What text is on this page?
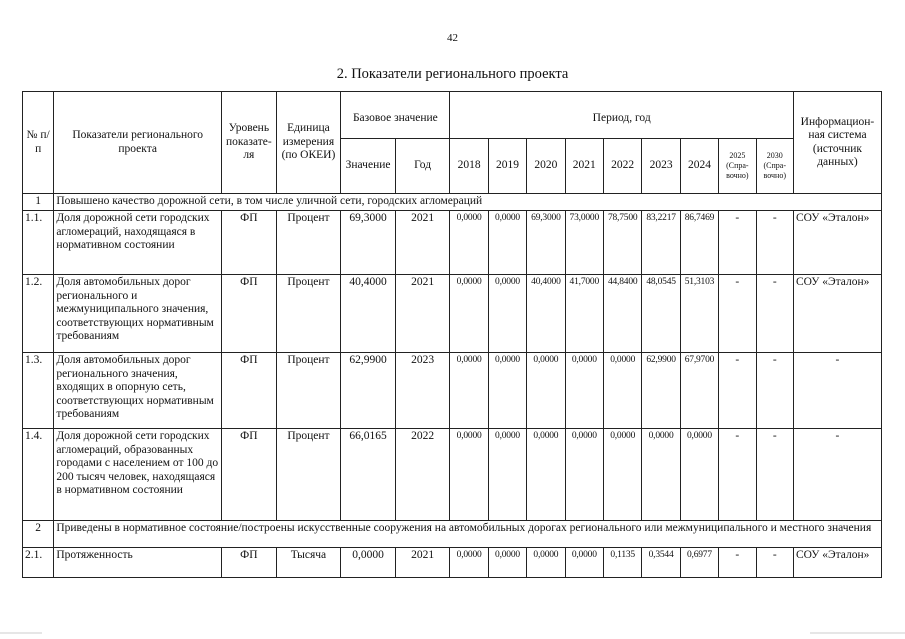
42
2. Показатели регионального проекта
№ п/п	Показатели регионального проекта	Уровень показате-ля	Единица измерения (по ОКЕИ)	Базовое значение		Период, год									Информацион-ная система (источник данных)
				Значение	Год	2018	2019	2020	2021	2022	2023	2024	2025 (Спра-вочно)	2030 (Спра-вочно)	
1	Повышено качество дорожной сети, в том числе уличной сети, городских агломераций														
1.1.	Доля дорожной сети городских агломераций, находящаяся в нормативном состоянии	ФП	Процент	69,3000	2021	0,0000	0,0000	69,3000	73,0000	78,7500	83,2217	86,7469	-	-	СОУ «Эталон»
1.2.	Доля автомобильных дорог регионального и межмуниципального значения, соответствующих нормативным требованиям	ФП	Процент	40,4000	2021	0,0000	0,0000	40,4000	41,7000	44,8400	48,0545	51,3103	-	-	СОУ «Эталон»
1.3.	Доля автомобильных дорог регионального значения, входящих в опорную сеть, соответствующих нормативным требованиям	ФП	Процент	62,9900	2023	0,0000	0,0000	0,0000	0,0000	0,0000	62,9900	67,9700	-	-	-
1.4.	Доля дорожной сети городских агломераций, образованных городами с населением от 100 до 200 тысяч человек, находящаяся в нормативном состоянии	ФП	Процент	66,0165	2022	0,0000	0,0000	0,0000	0,0000	0,0000	0,0000	0,0000	-	-	-
2	Приведены в нормативное состояние/построены искусственные сооружения на автомобильных дорогах регионального или межмуниципального и местного значения														
2.1.	Протяженность	ФП	Тысяча	0,0000	2021	0,0000	0,0000	0,0000	0,0000	0,1135	0,3544	0,6977	-	-	СОУ «Эталон»
